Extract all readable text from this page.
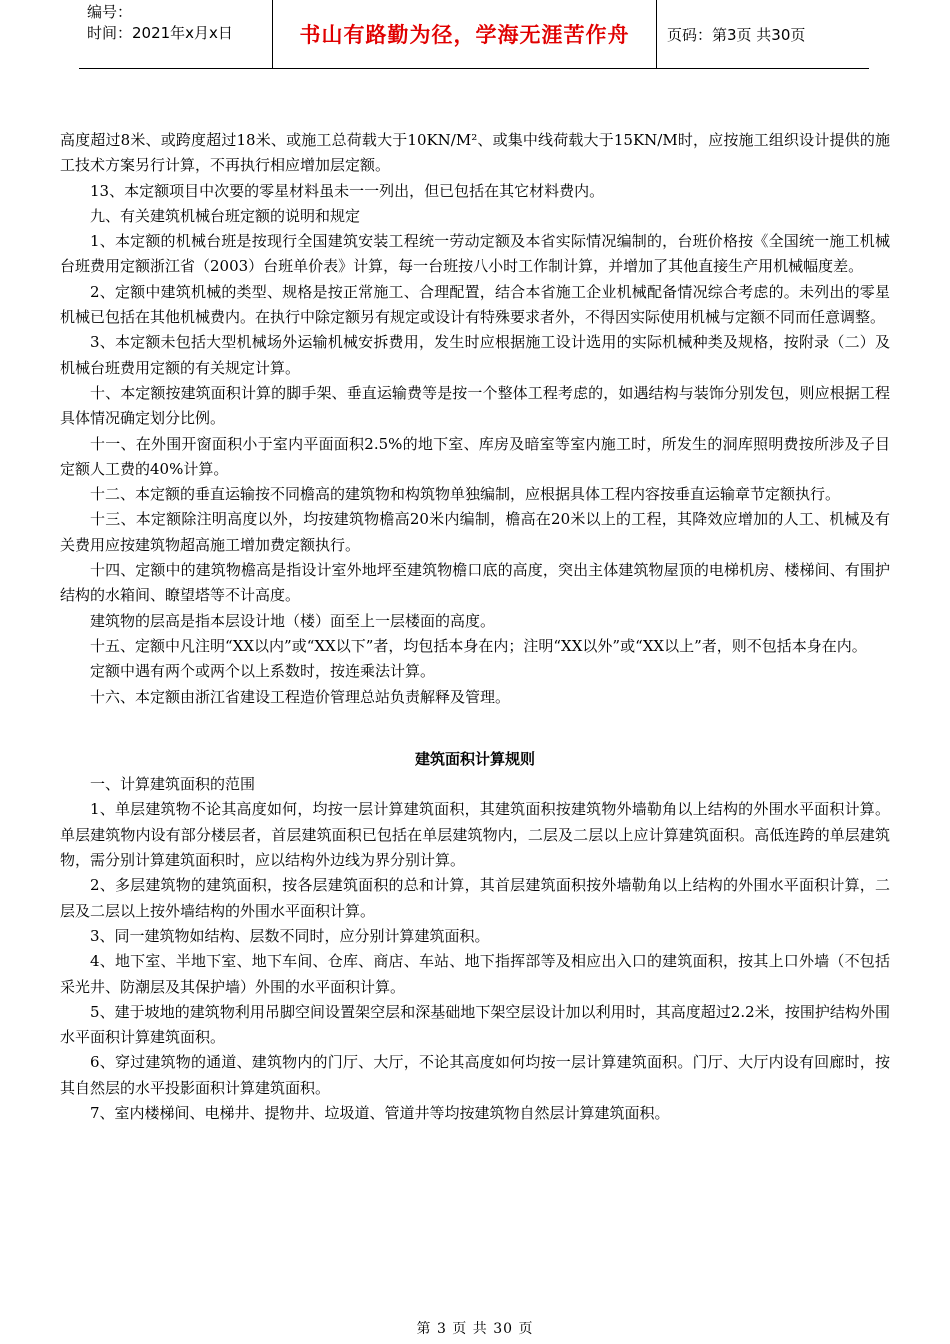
编号：
时间：2021年x月x日	书山有路勤为径，学海无涯苦作舟	页码：第3页 共30页

高度超过8米、或跨度超过18米、或施工总荷载大于10KN/M²、或集中线荷载大于15KN/M时，应按施工组织设计提供的施工技术方案另行计算，不再执行相应增加层定额。

13、本定额项目中次要的零星材料虽未一一列出，但已包括在其它材料费内。

九、有关建筑机械台班定额的说明和规定

1、本定额的机械台班是按现行全国建筑安装工程统一劳动定额及本省实际情况编制的，台班价格按《全国统一施工机械台班费用定额浙江省（2003）台班单价表》计算，每一台班按八小时工作制计算，并增加了其他直接生产用机械幅度差。

2、定额中建筑机械的类型、规格是按正常施工、合理配置，结合本省施工企业机械配备情况综合考虑的。未列出的零星机械已包括在其他机械费内。在执行中除定额另有规定或设计有特殊要求者外，不得因实际使用机械与定额不同而任意调整。

3、本定额未包括大型机械场外运输机械安拆费用，发生时应根据施工设计选用的实际机械种类及规格，按附录（二）及机械台班费用定额的有关规定计算。

十、本定额按建筑面积计算的脚手架、垂直运输费等是按一个整体工程考虑的，如遇结构与装饰分别发包，则应根据工程具体情况确定划分比例。

十一、在外围开窗面积小于室内平面面积2.5%的地下室、库房及暗室等室内施工时，所发生的洞库照明费按所涉及子目定额人工费的40%计算。

十二、本定额的垂直运输按不同檐高的建筑物和构筑物单独编制，应根据具体工程内容按垂直运输章节定额执行。

十三、本定额除注明高度以外，均按建筑物檐高20米内编制，檐高在20米以上的工程，其降效应增加的人工、机械及有关费用应按建筑物超高施工增加费定额执行。

十四、定额中的建筑物檐高是指设计室外地坪至建筑物檐口底的高度，突出主体建筑物屋顶的电梯机房、楼梯间、有围护结构的水箱间、瞭望塔等不计高度。

建筑物的层高是指本层设计地（楼）面至上一层楼面的高度。

十五、定额中凡注明“XX以内”或“XX以下”者，均包括本身在内；注明“XX以外”或“XX以上”者，则不包括本身在内。

定额中遇有两个或两个以上系数时，按连乘法计算。

十六、本定额由浙江省建设工程造价管理总站负责解释及管理。

建筑面积计算规则

一、计算建筑面积的范围

1、单层建筑物不论其高度如何，均按一层计算建筑面积，其建筑面积按建筑物外墙勒角以上结构的外围水平面积计算。单层建筑物内设有部分楼层者，首层建筑面积已包括在单层建筑物内，二层及二层以上应计算建筑面积。高低连跨的单层建筑物，需分别计算建筑面积时，应以结构外边线为界分别计算。

2、多层建筑物的建筑面积，按各层建筑面积的总和计算，其首层建筑面积按外墙勒角以上结构的外围水平面积计算，二层及二层以上按外墙结构的外围水平面积计算。

3、同一建筑物如结构、层数不同时，应分别计算建筑面积。

4、地下室、半地下室、地下车间、仓库、商店、车站、地下指挥部等及相应出入口的建筑面积，按其上口外墙（不包括采光井、防潮层及其保护墙）外围的水平面积计算。

5、建于坡地的建筑物利用吊脚空间设置架空层和深基础地下架空层设计加以利用时，其高度超过2.2米，按围护结构外围水平面积计算建筑面积。

6、穿过建筑物的通道、建筑物内的门厅、大厅，不论其高度如何均按一层计算建筑面积。门厅、大厅内设有回廊时，按其自然层的水平投影面积计算建筑面积。

7、室内楼梯间、电梯井、提物井、垃圾道、管道井等均按建筑物自然层计算建筑面积。

第 3 页 共 30 页
